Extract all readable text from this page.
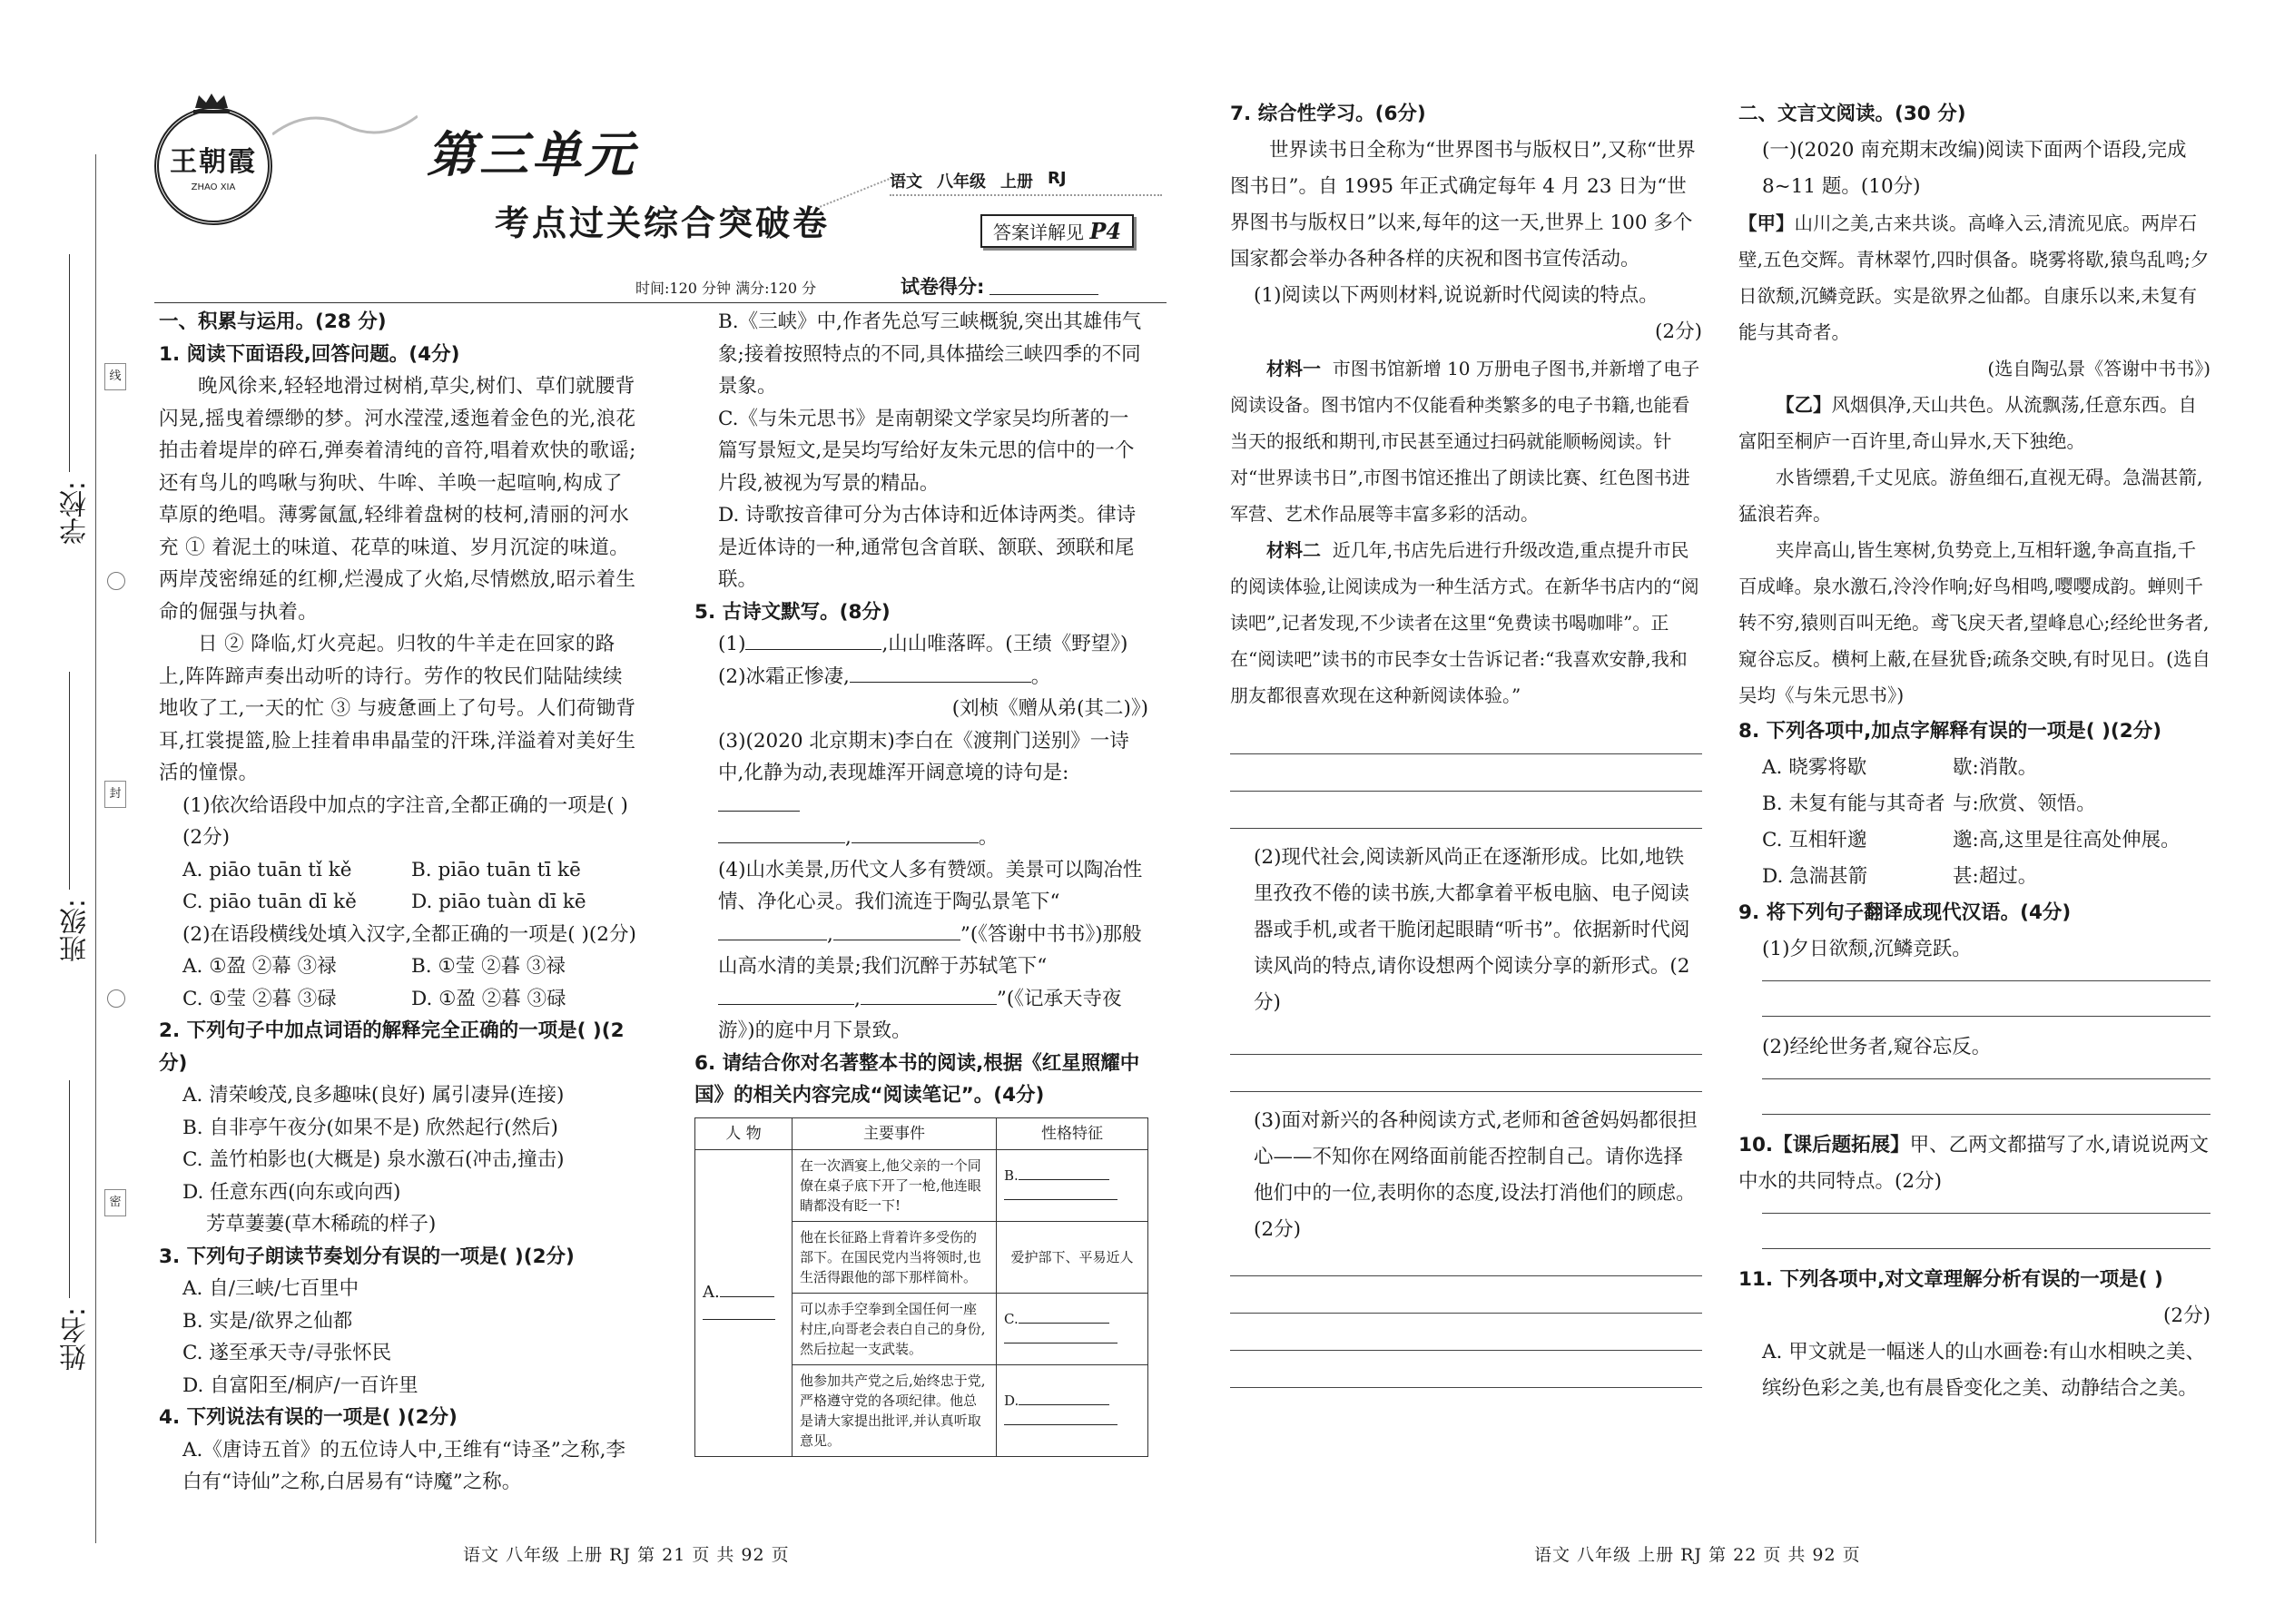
线
封
密
学校:
班级:
姓名:
王朝霞
ZHAO XIA
第三单元
考点过关综合突破卷
语文 八年级 上册 RJ
答案详解见 P4
时间:120 分钟 满分:120 分	试卷得分:

一、积累与运用。(28 分)

1. 阅读下面语段,回答问题。(4分)

晚风徐来,轻轻地滑过树梢,草尖,树们、草们就腰背闪晃,摇曳着缥缈的梦。河水滢滢,逶迤着金色的光,浪花拍击着堤岸的碎石,弹奏着清纯的音符,唱着欢快的歌谣;还有鸟儿的鸣啾与狗吠、牛哞、羊唤一起喧响,构成了草原的绝唱。薄雾氤氲,轻绯着盘树的枝柯,清丽的河水充 ① 着泥土的味道、花草的味道、岁月沉淀的味道。两岸茂密绵延的红柳,烂漫成了火焰,尽情燃放,昭示着生命的倔强与执着。

日 ② 降临,灯火亮起。归牧的牛羊走在回家的路上,阵阵蹄声奏出动听的诗行。劳作的牧民们陆陆续续地收了工,一天的忙 ③ 与疲惫画上了句号。人们荷锄背耳,扛裳提篮,脸上挂着串串晶莹的汗珠,洋溢着对美好生活的憧憬。

(1)依次给语段中加点的字注音,全都正确的一项是( )(2分)

A. piāo tuān tǐ kě	B. piāo tuān tī kē
C. piāo tuān dī kě	D. piāo tuàn dī kē

(2)在语段横线处填入汉字,全都正确的一项是( )(2分)

A. ①盈 ②幕 ③禄	B. ①莹 ②暮 ③禄
C. ①莹 ②暮 ③碌	D. ①盈 ②暮 ③碌

2. 下列句子中加点词语的解释完全正确的一项是( )(2分)

A. 清荣峻茂,良多趣味(良好) 属引凄异(连接)

B. 自非亭午夜分(如果不是) 欣然起行(然后)

C. 盖竹柏影也(大概是) 泉水激石(冲击,撞击)

D. 任意东西(向东或向西)

芳草萋萋(草木稀疏的样子)

3. 下列句子朗读节奏划分有误的一项是( )(2分)

A. 自/三峡/七百里中

B. 实是/欲界之仙都

C. 遂至承天寺/寻张怀民

D. 自富阳至/桐庐/一百许里

4. 下列说法有误的一项是( )(2分)

A.《唐诗五首》的五位诗人中,王维有“诗圣”之称,李白有“诗仙”之称,白居易有“诗魔”之称。

B.《三峡》中,作者先总写三峡概貌,突出其雄伟气象;接着按照特点的不同,具体描绘三峡四季的不同景象。

C.《与朱元思书》是南朝梁文学家吴均所著的一篇写景短文,是吴均写给好友朱元思的信中的一个片段,被视为写景的精品。

D. 诗歌按音律可分为古体诗和近体诗两类。律诗是近体诗的一种,通常包含首联、颔联、颈联和尾联。

5. 古诗文默写。(8分)

(1)	,山山唯落晖。(王绩《野望》)

(2)冰霜正惨凄,	。

(刘桢《赠从弟(其二)》)

(3)(2020 北京期末)李白在《渡荆门送别》一诗中,化静为动,表现雄浑开阔意境的诗句是:
,	。

(4)山水美景,历代文人多有赞颂。美景可以陶冶性情、净化心灵。我们流连于陶弘景笔下“,	”(《答谢中书书》)那般山高水清的美景;我们沉醉于苏轼笔下“,	”(《记承天寺夜游》)的庭中月下景致。

6. 请结合你对名著整本书的阅读,根据《红星照耀中国》的相关内容完成“阅读笔记”。(4分)

人 物	主要事件	性格特征
A.	在一次酒宴上,他父亲的一个同僚在桌子底下开了一枪,他连眼睛都没有眨一下!	B.

	他在长征路上背着许多受伤的部下。在国民党内当将领时,也生活得跟他的部下那样简朴。	爱护部下、平易近人
	可以赤手空拳到全国任何一座村庄,向哥老会表白自己的身份,然后拉起一支武装。	C.

	他参加共产党之后,始终忠于党,严格遵守党的各项纪律。他总是请大家提出批评,并认真听取意见。	D.

7. 综合性学习。(6分)

世界读书日全称为“世界图书与版权日”,又称“世界图书日”。自 1995 年正式确定每年 4 月 23 日为“世界图书与版权日”以来,每年的这一天,世界上 100 多个国家都会举办各种各样的庆祝和图书宣传活动。

(1)阅读以下两则材料,说说新时代阅读的特点。

(2分)

材料一 市图书馆新增 10 万册电子图书,并新增了电子阅读设备。图书馆内不仅能看种类繁多的电子书籍,也能看当天的报纸和期刊,市民甚至通过扫码就能顺畅阅读。针对“世界读书日”,市图书馆还推出了朗读比赛、红色图书进军营、艺术作品展等丰富多彩的活动。

材料二 近几年,书店先后进行升级改造,重点提升市民的阅读体验,让阅读成为一种生活方式。在新华书店内的“阅读吧”,记者发现,不少读者在这里“免费读书喝咖啡”。正在“阅读吧”读书的市民李女士告诉记者:“我喜欢安静,我和朋友都很喜欢现在这种新阅读体验。”

(2)现代社会,阅读新风尚正在逐渐形成。比如,地铁里孜孜不倦的读书族,大都拿着平板电脑、电子阅读器或手机,或者干脆闭起眼睛“听书”。依据新时代阅读风尚的特点,请你设想两个阅读分享的新形式。(2分)

(3)面对新兴的各种阅读方式,老师和爸爸妈妈都很担心——不知你在网络面前能否控制自己。请你选择他们中的一位,表明你的态度,设法打消他们的顾虑。(2分)

二、文言文阅读。(30 分)

(一)(2020 南充期末改编)阅读下面两个语段,完成 8~11 题。(10分)

【甲】山川之美,古来共谈。高峰入云,清流见底。两岸石壁,五色交辉。青林翠竹,四时俱备。晓雾将歇,猿鸟乱鸣;夕日欲颓,沉鳞竞跃。实是欲界之仙都。自康乐以来,未复有能与其奇者。

(选自陶弘景《答谢中书书》)

【乙】风烟俱净,天山共色。从流飘荡,任意东西。自富阳至桐庐一百许里,奇山异水,天下独绝。

水皆缥碧,千丈见底。游鱼细石,直视无碍。急湍甚箭,猛浪若奔。

夹岸高山,皆生寒树,负势竞上,互相轩邈,争高直指,千百成峰。泉水激石,泠泠作响;好鸟相鸣,嘤嘤成韵。蝉则千转不穷,猿则百叫无绝。鸢飞戾天者,望峰息心;经纶世务者,窥谷忘反。横柯上蔽,在昼犹昏;疏条交映,有时见日。(选自吴均《与朱元思书》)

8. 下列各项中,加点字解释有误的一项是( )(2分)

A. 晓雾将歇	歇:消散。
B. 未复有能与其奇者 与:欣赏、领悟。
C. 互相轩邈	邈:高,这里是往高处伸展。
D. 急湍甚箭	甚:超过。

9. 将下列句子翻译成现代汉语。(4分)

(1)夕日欲颓,沉鳞竞跃。

(2)经纶世务者,窥谷忘反。

10.【课后题拓展】甲、乙两文都描写了水,请说说两文中水的共同特点。(2分)

11. 下列各项中,对文章理解分析有误的一项是( )

(2分)

A. 甲文就是一幅迷人的山水画卷:有山水相映之美、缤纷色彩之美,也有晨昏变化之美、动静结合之美。

语文 八年级 上册 RJ 第 21 页 共 92 页	语文 八年级 上册 RJ 第 22 页 共 92 页
